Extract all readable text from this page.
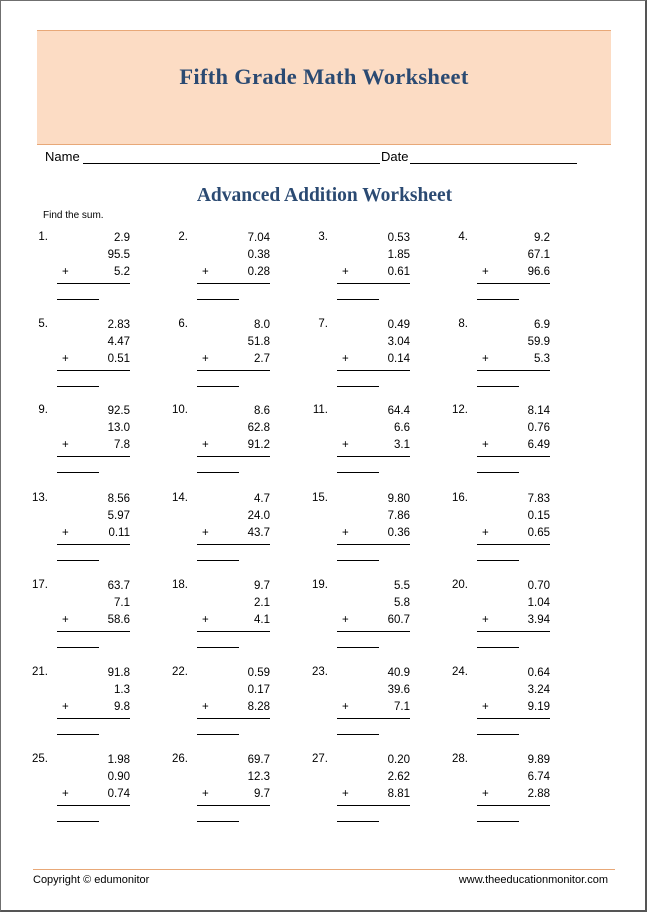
Fifth Grade Math Worksheet
Name	Date
Advanced Addition Worksheet
Find the sum.
1.	2.9
95.5
+	5.2
2.	7.04
0.38
+	0.28
3.	0.53
1.85
+	0.61
4.	9.2
67.1
+	96.6
5.	2.83
4.47
+	0.51
6.	8.0
51.8
+	2.7
7.	0.49
3.04
+	0.14
8.	6.9
59.9
+	5.3
9.	92.5
13.0
+	7.8
10.	8.6
62.8
+	91.2
11.	64.4
6.6
+	3.1
12.	8.14
0.76
+	6.49
13.	8.56
5.97
+	0.11
14.	4.7
24.0
+	43.7
15.	9.80
7.86
+	0.36
16.	7.83
0.15
+	0.65
17.	63.7
7.1
+	58.6
18.	9.7
2.1
+	4.1
19.	5.5
5.8
+	60.7
20.	0.70
1.04
+	3.94
21.	91.8
1.3
+	9.8
22.	0.59
0.17
+	8.28
23.	40.9
39.6
+	7.1
24.	0.64
3.24
+	9.19
25.	1.98
0.90
+	0.74
26.	69.7
12.3
+	9.7
27.	0.20
2.62
+	8.81
28.	9.89
6.74
+	2.88
Copyright © edumonitor	www.theeducationmonitor.com
